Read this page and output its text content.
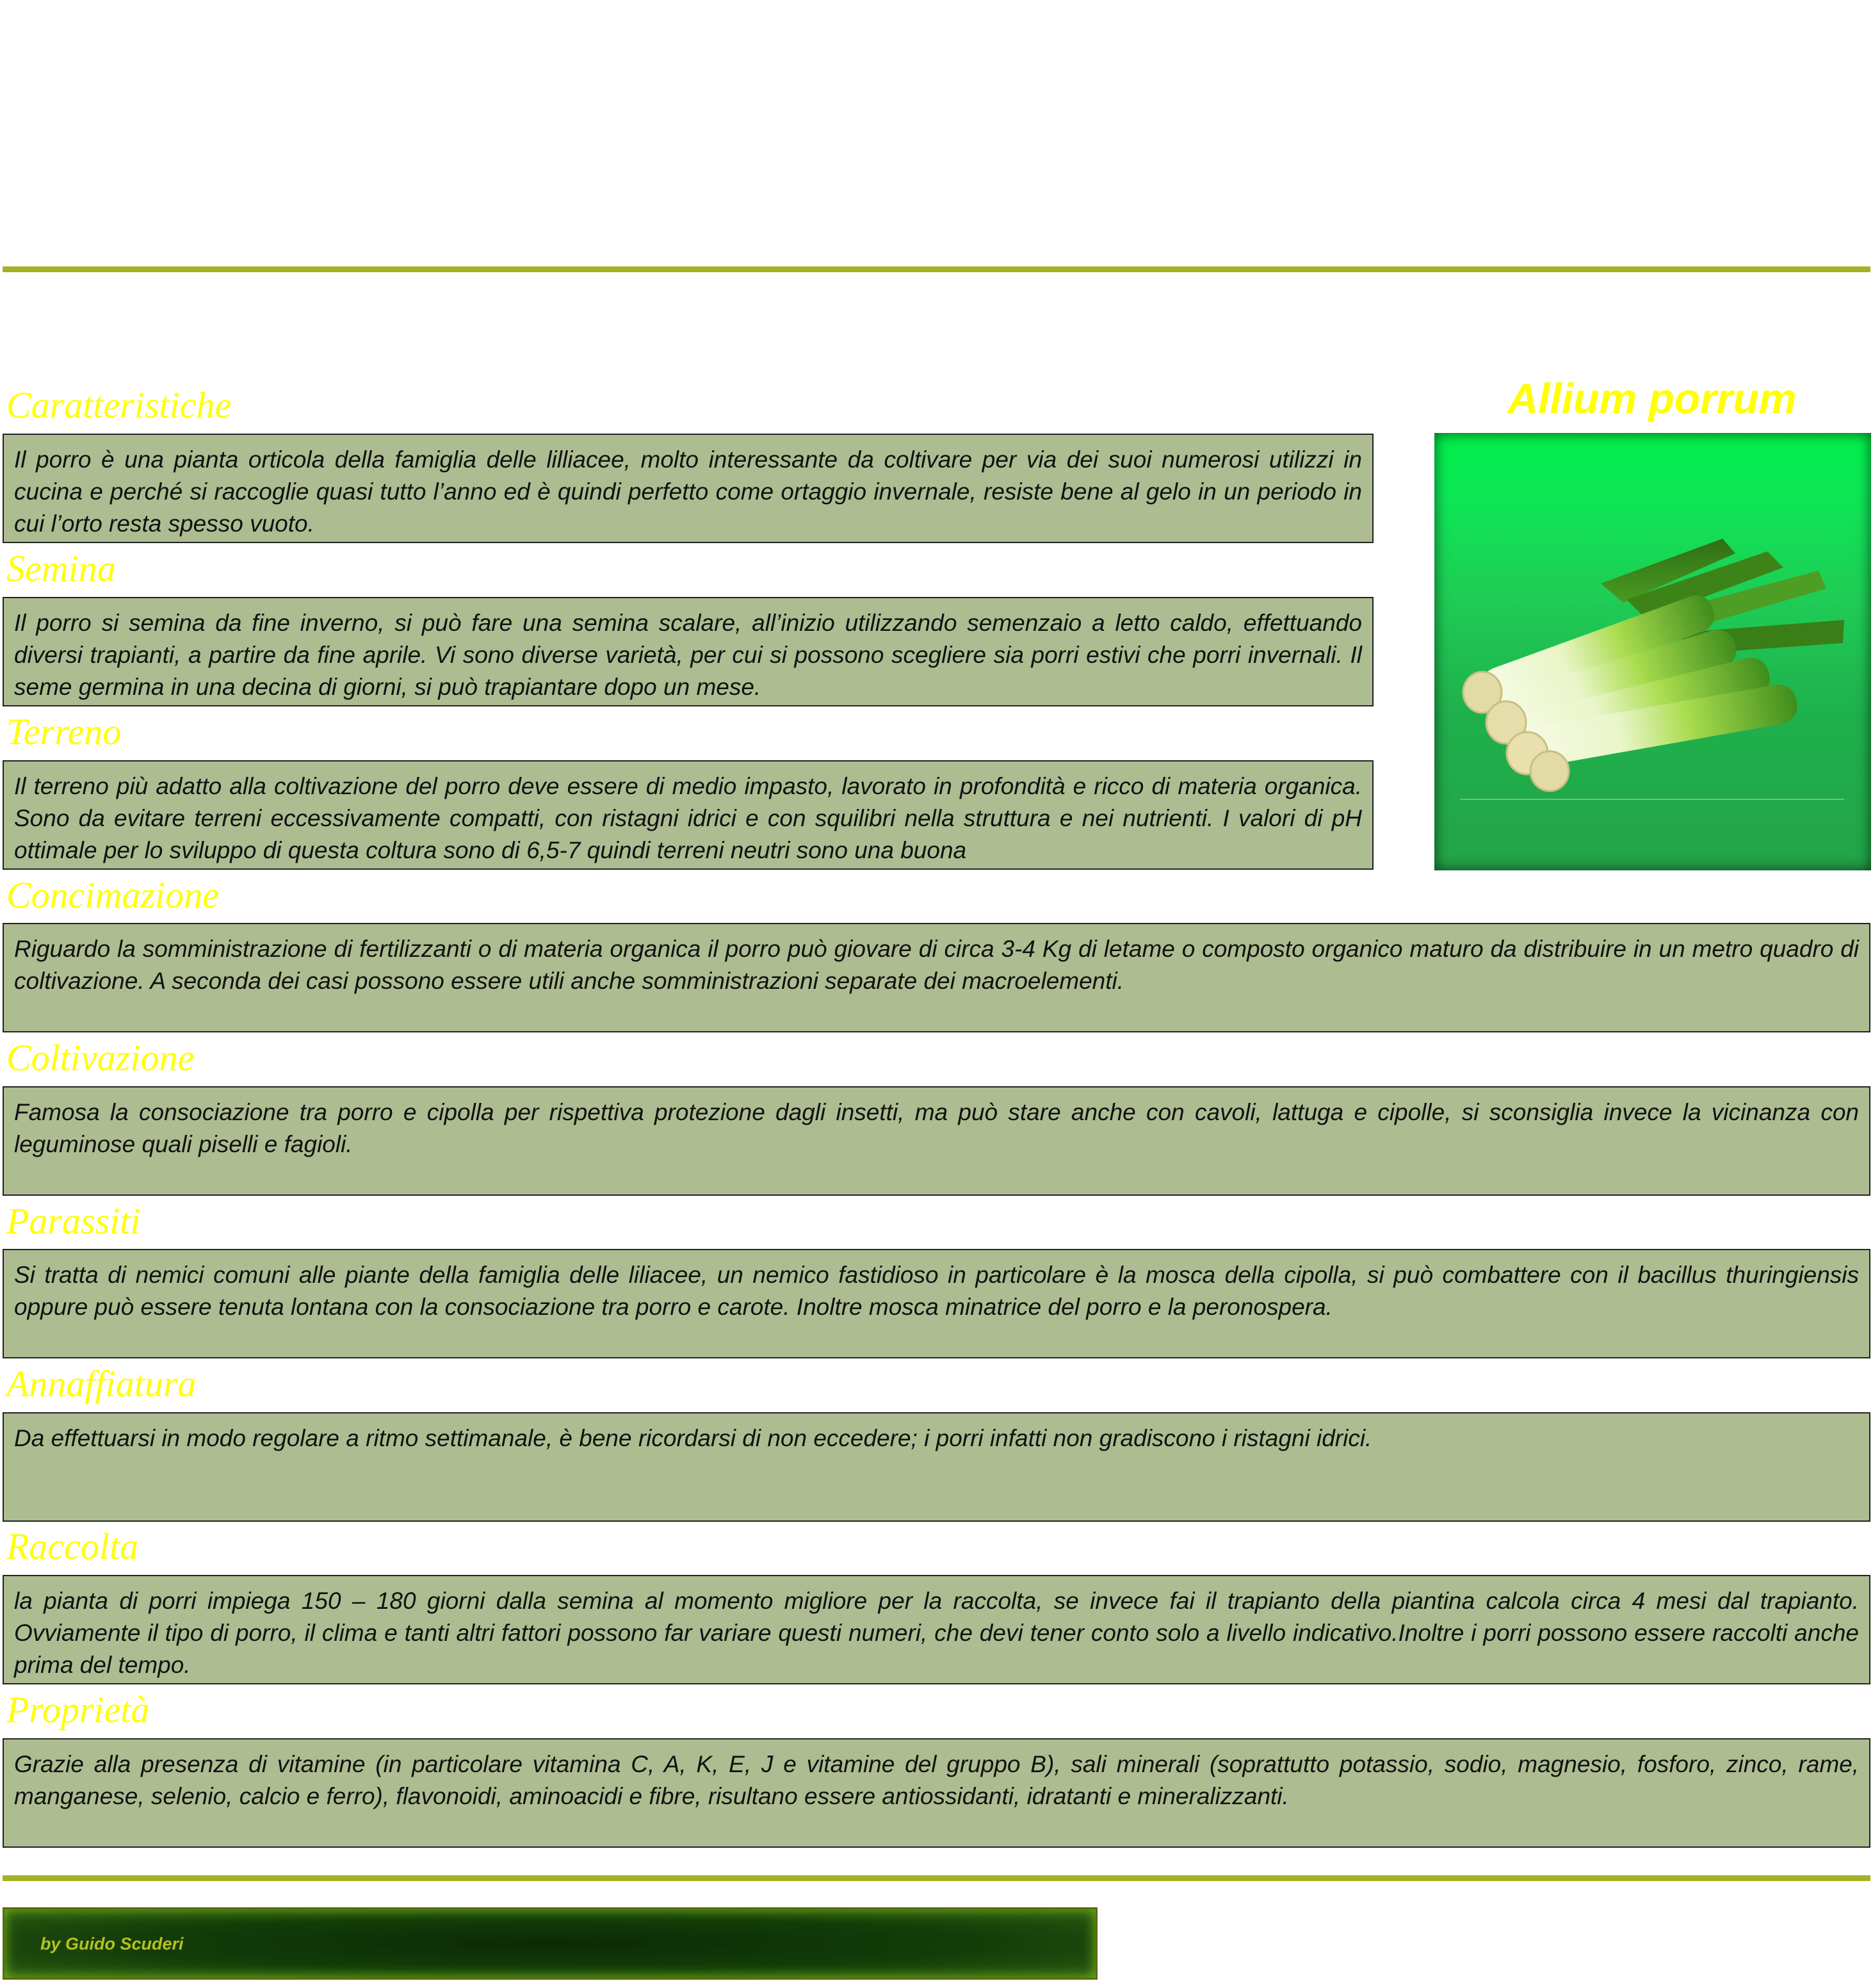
Allium porrum
Caratteristiche
Il porro è una pianta orticola della famiglia delle lilliacee, molto interessante da coltivare per via dei suoi numerosi utilizzi in cucina e perché si raccoglie quasi tutto l’anno ed è quindi perfetto come ortaggio invernale, resiste bene al gelo in un periodo in cui l’orto resta spesso vuoto.
Semina
Il porro si semina da fine inverno, si può fare una semina scalare, all’inizio utilizzando semenzaio a letto caldo, effettuando diversi trapianti, a partire da fine aprile. Vi sono diverse varietà, per cui si possono scegliere sia porri estivi che porri invernali. Il seme germina in una decina di giorni, si può trapiantare dopo un mese.
Terreno
Il terreno più adatto alla coltivazione del porro deve essere di medio impasto, lavorato in profondità e ricco di materia organica. Sono da evitare terreni eccessivamente compatti, con ristagni idrici e con squilibri nella struttura e nei nutrienti. I valori di pH ottimale per lo sviluppo di questa coltura sono di 6,5-7 quindi terreni neutri sono una buona
Concimazione
Riguardo la somministrazione di fertilizzanti o di materia organica il porro può giovare di circa 3-4 Kg di letame o composto organico maturo da distribuire in un metro quadro di coltivazione. A seconda dei casi possono essere utili anche somministrazioni separate dei macroelementi.
Coltivazione
Famosa la consociazione tra porro e cipolla per rispettiva protezione dagli insetti, ma può stare anche con cavoli, lattuga e cipolle, si sconsiglia invece la vicinanza con leguminose quali piselli e fagioli.
Parassiti
Si tratta di nemici comuni alle piante della famiglia delle liliacee, un nemico fastidioso in particolare è la mosca della cipolla, si può combattere con il bacillus thuringiensis oppure può essere tenuta lontana con la consociazione tra porro e carote. Inoltre mosca minatrice del porro e la peronospera.
Annaffiatura
Da effettuarsi in modo regolare a ritmo settimanale, è bene ricordarsi di non eccedere; i porri infatti non gradiscono i ristagni idrici.
Raccolta
la pianta di porri impiega 150 – 180 giorni dalla semina al momento migliore per la raccolta, se invece fai il trapianto della piantina calcola circa 4 mesi dal trapianto. Ovviamente il tipo di porro, il clima e tanti altri fattori possono far variare questi numeri, che devi tener conto solo a livello indicativo.Inoltre i porri possono essere raccolti anche prima del tempo.
Proprietà
Grazie alla presenza di vitamine (in particolare vitamina C, A, K, E, J e vitamine del gruppo B), sali minerali (soprattutto potassio, sodio, magnesio, fosforo, zinco, rame, manganese, selenio, calcio e ferro), flavonoidi, aminoacidi e fibre, risultano essere antiossidanti, idratanti e mineralizzanti.
by Guido Scuderi
